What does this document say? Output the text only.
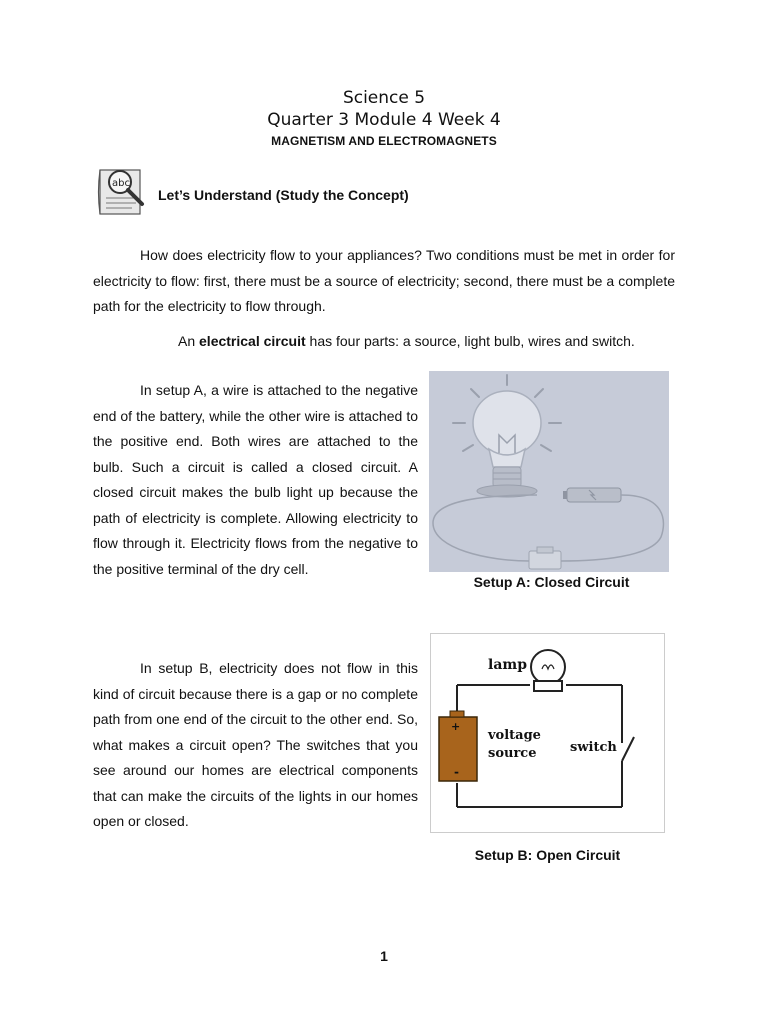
Science 5
Quarter 3 Module 4 Week 4
MAGNETISM AND ELECTROMAGNETS
abc
Let’s Understand (Study the Concept)
How does electricity flow to your appliances? Two conditions must be met in order for electricity to flow: first, there must be a source of electricity; second, there must be a complete path for the electricity to flow through.
An electrical circuit has four parts: a source, light bulb, wires and switch.
In setup A, a wire is attached to the negative end of the battery, while the other wire is attached to the positive end. Both wires are attached to the bulb. Such a circuit is called a closed circuit. A closed circuit makes the bulb light up because the path of electricity is complete. Allowing electricity to flow through it. Electricity flows from the negative to the positive terminal of the dry cell.
Setup A: Closed Circuit
In setup B, electricity does not flow in this kind of circuit because there is a gap or no complete path from one end of the circuit to the other end. So, what makes a circuit open? The switches that you see around our homes are electrical components that can make the circuits of the lights in our homes open or closed.
+
-
lamp
voltage
source	switch
Setup B: Open Circuit
1
